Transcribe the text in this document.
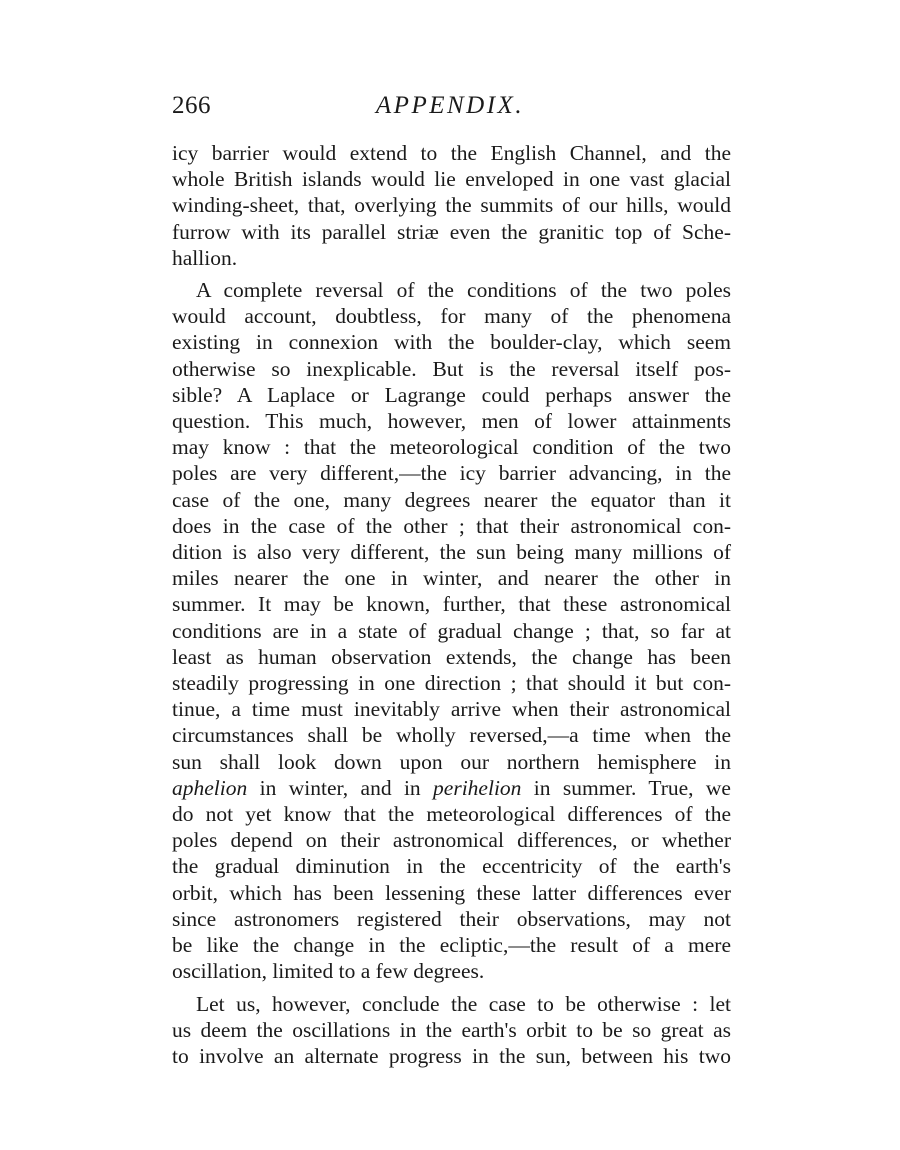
266	APPENDIX.
icy barrier would extend to the English Channel, and the
whole British islands would lie enveloped in one vast glacial
winding-sheet, that, overlying the summits of our hills, would
furrow with its parallel striæ even the granitic top of Sche-
hallion.
A complete reversal of the conditions of the two poles
would account, doubtless, for many of the phenomena
existing in connexion with the boulder-clay, which seem
otherwise so inexplicable. But is the reversal itself pos-
sible? A Laplace or Lagrange could perhaps answer the
question. This much, however, men of lower attainments
may know : that the meteorological condition of the two
poles are very different,—the icy barrier advancing, in the
case of the one, many degrees nearer the equator than it
does in the case of the other ; that their astronomical con-
dition is also very different, the sun being many millions of
miles nearer the one in winter, and nearer the other in
summer. It may be known, further, that these astronomical
conditions are in a state of gradual change ; that, so far at
least as human observation extends, the change has been
steadily progressing in one direction ; that should it but con-
tinue, a time must inevitably arrive when their astronomical
circumstances shall be wholly reversed,—a time when the
sun shall look down upon our northern hemisphere in
aphelion in winter, and in perihelion in summer. True, we
do not yet know that the meteorological differences of the
poles depend on their astronomical differences, or whether
the gradual diminution in the eccentricity of the earth's
orbit, which has been lessening these latter differences ever
since astronomers registered their observations, may not
be like the change in the ecliptic,—the result of a mere
oscillation, limited to a few degrees.
Let us, however, conclude the case to be otherwise : let
us deem the oscillations in the earth's orbit to be so great as
to involve an alternate progress in the sun, between his two
